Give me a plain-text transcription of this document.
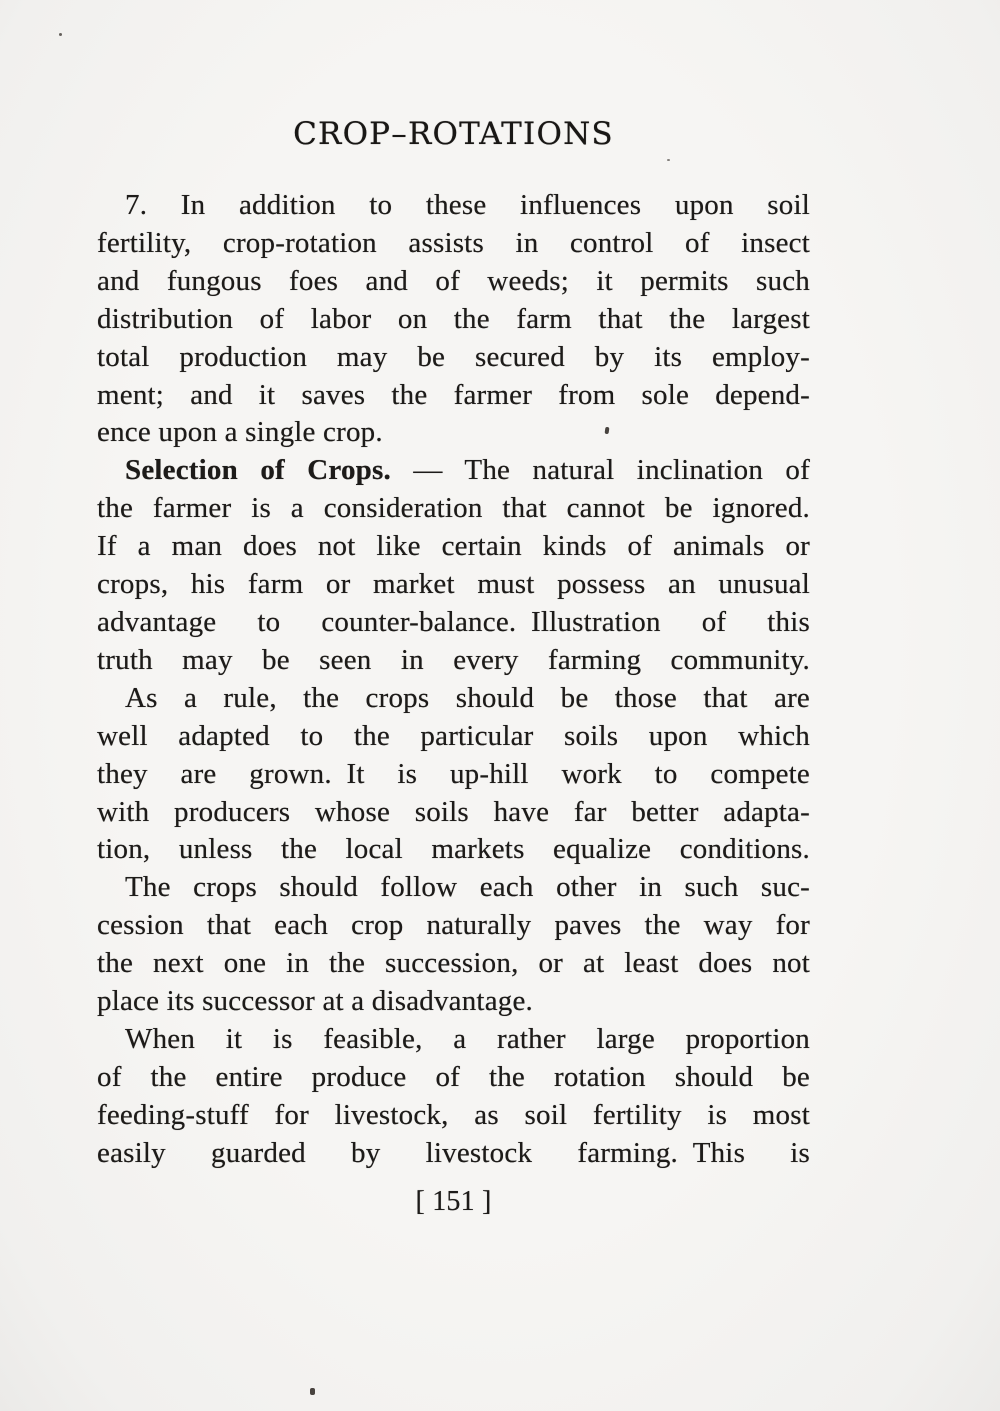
CROP–ROTATIONS
7. In addition to these influences upon soil
fertility, crop-rotation assists in control of insect
and fungous foes and of weeds; it permits such
distribution of labor on the farm that the largest
total production may be secured by its employ-
ment; and it saves the farmer from sole depend-
ence upon a single crop.
Selection of Crops. — The natural inclination of
the farmer is a consideration that cannot be ignored.
If a man does not like certain kinds of animals or
crops, his farm or market must possess an unusual
advantage to counter-balance. Illustration of this
truth may be seen in every farming community.
As a rule, the crops should be those that are
well adapted to the particular soils upon which
they are grown. It is up-hill work to compete
with producers whose soils have far better adapta-
tion, unless the local markets equalize conditions.
The crops should follow each other in such suc-
cession that each crop naturally paves the way for
the next one in the succession, or at least does not
place its successor at a disadvantage.
When it is feasible, a rather large proportion
of the entire produce of the rotation should be
feeding-stuff for livestock, as soil fertility is most
easily guarded by livestock farming. This is
[ 151 ]
